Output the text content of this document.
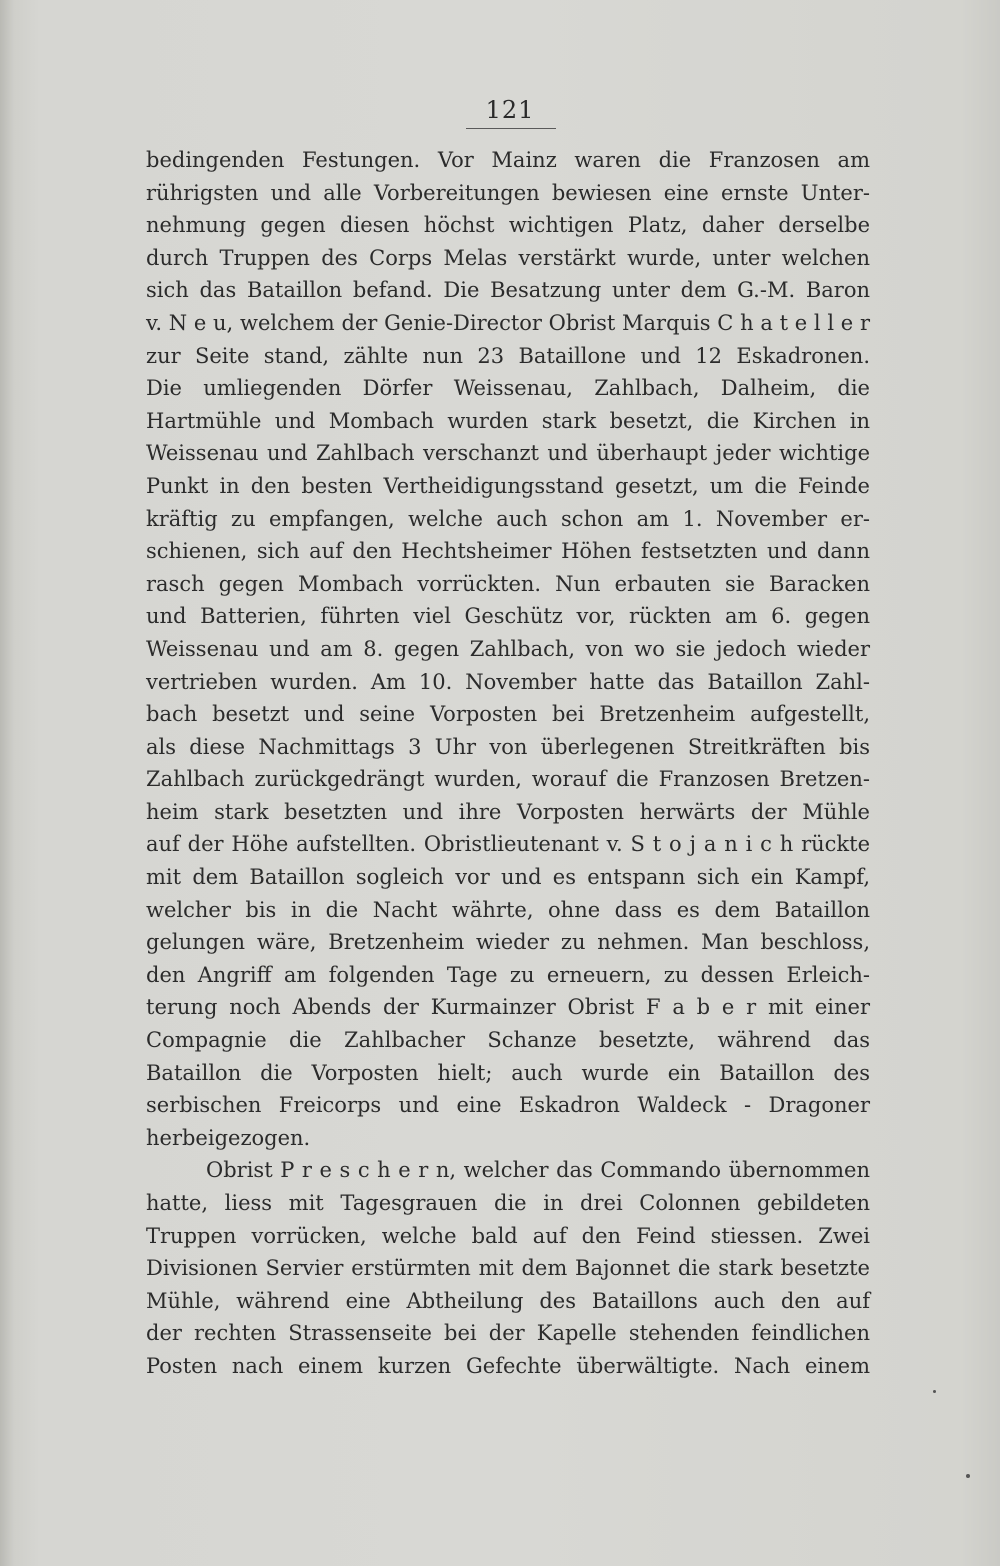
121
bedingenden Festungen. Vor Mainz waren die Franzosen am
rührigsten und alle Vorbereitungen bewiesen eine ernste Unter-
nehmung gegen diesen höchst wichtigen Platz, daher derselbe
durch Truppen des Corps Melas verstärkt wurde, unter welchen
sich das Bataillon befand. Die Besatzung unter dem G.-M. Baron
v. N e u, welchem der Genie-Director Obrist Marquis C h a t e l l e r
zur Seite stand, zählte nun 23 Bataillone und 12 Eskadronen.
Die umliegenden Dörfer Weissenau, Zahlbach, Dalheim, die
Hartmühle und Mombach wurden stark besetzt, die Kirchen in
Weissenau und Zahlbach verschanzt und überhaupt jeder wichtige
Punkt in den besten Vertheidigungsstand gesetzt, um die Feinde
kräftig zu empfangen, welche auch schon am 1. November er-
schienen, sich auf den Hechtsheimer Höhen festsetzten und dann
rasch gegen Mombach vorrückten. Nun erbauten sie Baracken
und Batterien, führten viel Geschütz vor, rückten am 6. gegen
Weissenau und am 8. gegen Zahlbach, von wo sie jedoch wieder
vertrieben wurden. Am 10. November hatte das Bataillon Zahl-
bach besetzt und seine Vorposten bei Bretzenheim aufgestellt,
als diese Nachmittags 3 Uhr von überlegenen Streitkräften bis
Zahlbach zurückgedrängt wurden, worauf die Franzosen Bretzen-
heim stark besetzten und ihre Vorposten herwärts der Mühle
auf der Höhe aufstellten. Obristlieutenant v. S t o j a n i c h rückte
mit dem Bataillon sogleich vor und es entspann sich ein Kampf,
welcher bis in die Nacht währte, ohne dass es dem Bataillon
gelungen wäre, Bretzenheim wieder zu nehmen. Man beschloss,
den Angriff am folgenden Tage zu erneuern, zu dessen Erleich-
terung noch Abends der Kurmainzer Obrist F a b e r mit einer
Compagnie die Zahlbacher Schanze besetzte, während das
Bataillon die Vorposten hielt; auch wurde ein Bataillon des
serbischen Freicorps und eine Eskadron Waldeck - Dragoner
herbeigezogen.
Obrist P r e s c h e r n, welcher das Commando übernommen
hatte, liess mit Tagesgrauen die in drei Colonnen gebildeten
Truppen vorrücken, welche bald auf den Feind stiessen. Zwei
Divisionen Servier erstürmten mit dem Bajonnet die stark besetzte
Mühle, während eine Abtheilung des Bataillons auch den auf
der rechten Strassenseite bei der Kapelle stehenden feindlichen
Posten nach einem kurzen Gefechte überwältigte. Nach einem
